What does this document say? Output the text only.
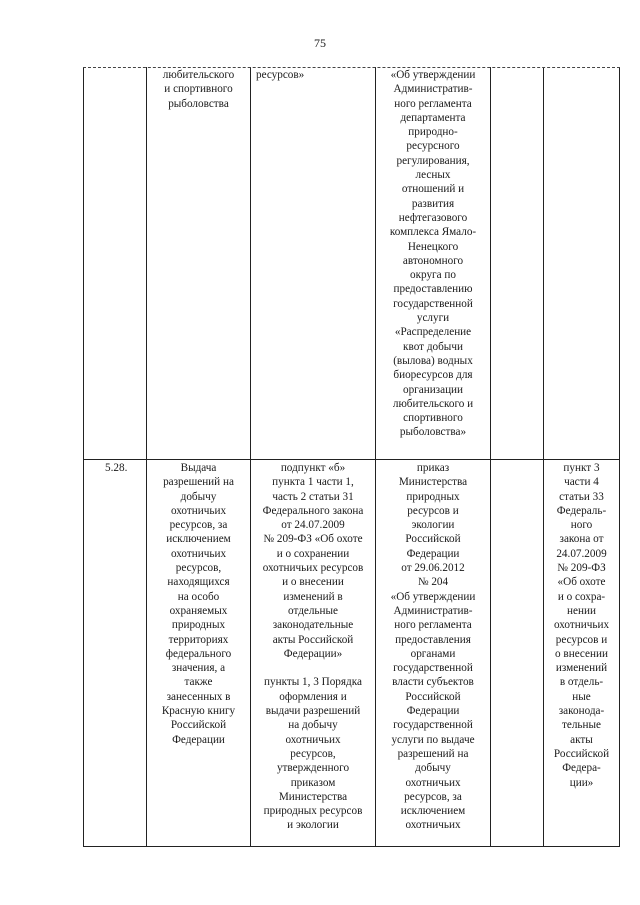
75
любительского
и спортивного
рыболовства
ресурсов»	«Об утверждении
Административ-
ного регламента
департамента
природно-
ресурсного
регулирования,
лесных
отношений и
развития
нефтегазового
комплекса Ямало-
Ненецкого
автономного
округа по
предоставлению
государственной
услуги
«Распределение
квот добычи
(вылова) водных
биоресурсов для
организации
любительского и
спортивного
рыболовства»
5.28.	Выдача
разрешений на
добычу
охотничьих
ресурсов, за
исключением
охотничьих
ресурсов,
находящихся
на особо
охраняемых
природных
территориях
федерального
значения, а
также
занесенных в
Красную книгу
Российской
Федерации
подпункт «б»
пункта 1 части 1,
часть 2 статьи 31
Федерального закона
от 24.07.2009
№ 209-ФЗ «Об охоте
и о сохранении
охотничьих ресурсов
и о внесении
изменений в
отдельные
законодательные
акты Российской
Федерации»

пункты 1, 3 Порядка
оформления и
выдачи разрешений
на добычу
охотничьих
ресурсов,
утвержденного
приказом
Министерства
природных ресурсов
и экологии
приказ
Министерства
природных
ресурсов и
экологии
Российской
Федерации
от 29.06.2012
№ 204
«Об утверждении
Административ-
ного регламента
предоставления
органами
государственной
власти субъектов
Российской
Федерации
государственной
услуги по выдаче
разрешений на
добычу
охотничьих
ресурсов, за
исключением
охотничьих
пункт 3
части 4
статьи 33
Федераль-
ного
закона от
24.07.2009
№ 209-ФЗ
«Об охоте
и о сохра-
нении
охотничьих
ресурсов и
о внесении
изменений
в отдель-
ные
законода-
тельные
акты
Российской
Федера-
ции»
